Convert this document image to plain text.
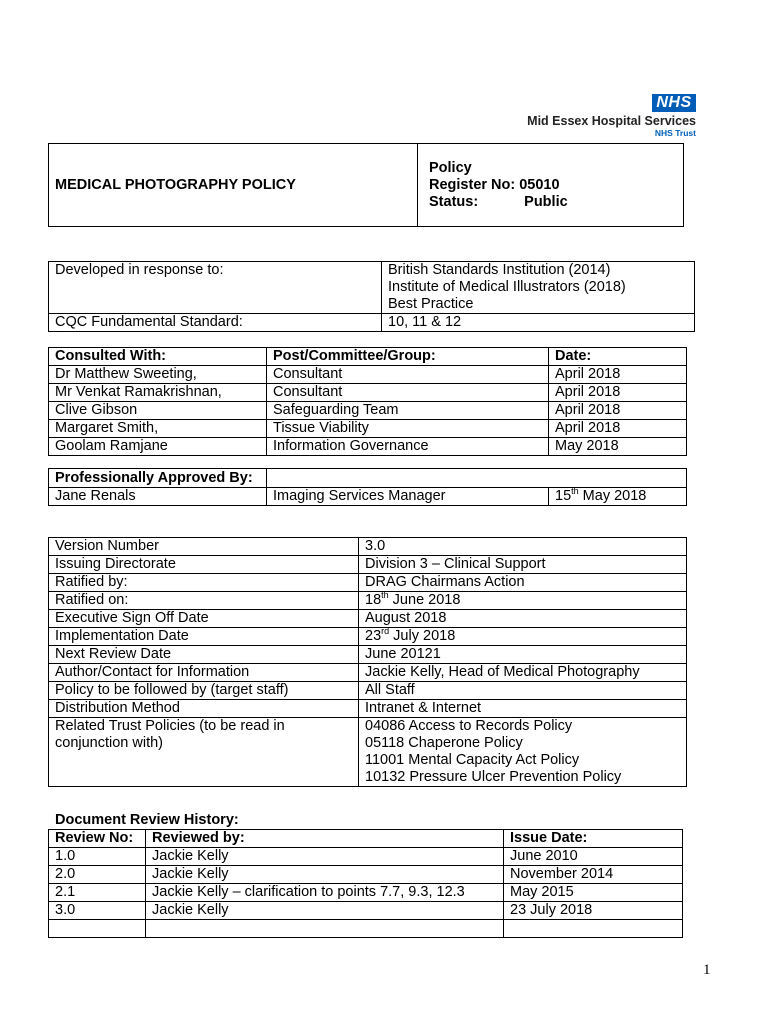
NHS
Mid Essex Hospital Services
NHS Trust
MEDICAL PHOTOGRAPHY POLICY
Policy
Register No: 05010
Status:	Public
Developed in response to:	British Standards Institution (2014)
Institute of Medical Illustrators (2018)
Best Practice

CQC Fundamental Standard:	10, 11 & 12
Consulted With:	Post/Committee/Group:	Date:
Dr Matthew Sweeting,	Consultant	April 2018
Mr Venkat Ramakrishnan,	Consultant	April 2018
Clive Gibson	Safeguarding Team	April 2018
Margaret Smith,	Tissue Viability	April 2018
Goolam Ramjane	Information Governance	May 2018
Professionally Approved By:		
Jane Renals	Imaging Services Manager	15th May 2018
Version Number	3.0
Issuing Directorate	Division 3 – Clinical Support
Ratified by:	DRAG Chairmans Action
Ratified on:	18th June 2018
Executive Sign Off Date	August 2018
Implementation Date	23rd July 2018
Next Review Date	June 20121
Author/Contact for Information	Jackie Kelly, Head of Medical Photography
Policy to be followed by (target staff)	All Staff
Distribution Method	Intranet & Internet
Related Trust Policies (to be read in conjunction with)	04086 Access to Records Policy
05118 Chaperone Policy
11001 Mental Capacity Act Policy
10132 Pressure Ulcer Prevention Policy
Document Review History:
Review No:	Reviewed by:	Issue Date:
1.0	Jackie Kelly	June 2010
2.0	Jackie Kelly	November 2014
2.1	Jackie Kelly – clarification to points 7.7, 9.3, 12.3	May 2015
3.0	Jackie Kelly	23 July 2018

1
